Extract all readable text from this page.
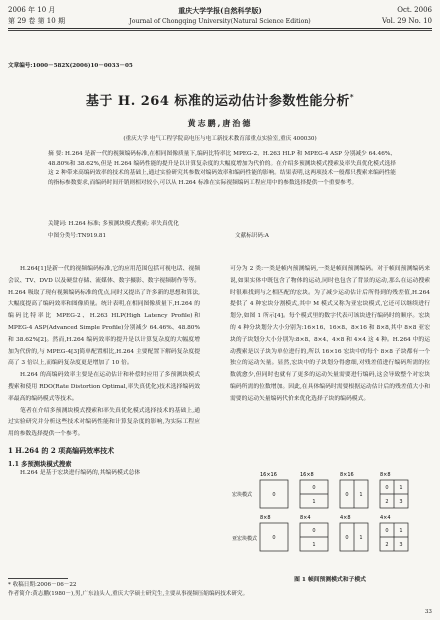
2006 年 10 月	重庆大学学报(自然科学版)	Oct. 2006
第 29 卷 第 10 期	Journal of Chongqing University(Natural Science Edition)	Vol. 29 No. 10
文章编号:1000－582X(2006)10－0033－05
基于 H. 264 标准的运动估计参数性能分析*
黄志鹏,唐治德
(重庆大学 电气工程学院高电压与电工新技术教育部重点实验室,重庆 400030)
摘 要: H.264 是新一代的视频编码标准,在相同图像质量下,编码比特率比 MPEG-2、H.263 HLP 和 MPEG-4 ASP 分别减少 64.46%、48.80%和 38.62%,但是 H.264 编码性能的提升是以计算复杂度的大幅度增加为代价的。在介绍多预测块模式搜索及率失真优化模式选择这 2 种带来高编码效率的技术的基础上,通过实验研究其参数对编码效率和编码性能的影响。结果表明,这两项技术一般都只搜索来编码性能的指标参数要求,而编码时间开销则相对较小,可以从 H.264 标准在实际视频编码工程应用中的参数选择提供一个重要参考。
关键词: H.264 标准; 多预测块模式搜索; 率失真优化
中图分类号:TN919.81	文献标识码:A
H.264[1]是新一代的视频编码标准,它的应用范围包括可视电话、视频会议、TV、DVD 以及硬盘存储、流媒体、数字摄影、数字视频制作等等。H.264 吸取了现有视频编码标准的优点,同时又提出了许多新的思想和算法,大幅度提高了编码效率和图像质量。统计表明,在相同图像质量下,H.264 的编码比特率比 MPEG-2、H.263 HLP(High Latency Profile)和 MPEG-4 ASP(Advanced Simple Profile)分别减少 64.46%、48.80%和 38.62%[2]。然而,H.264 编码效率的提升是以计算复杂度的大幅度增加为代价的,与 MPEG-4[3]简单配置相比,H.264 主要配置下解码复杂度提高了 3 倍以上,而编码复杂度更是增加了 10 倍。
H.264 的高编码效率主要是在运动估计和补偿时应用了多预测块模式搜索和使用 RDO(Rate Distortion Optimal,率失真优化)技术选择编码效率最高的编码模式等技术。
笔者在介绍多预测块模式搜索和率失真优化模式选择技术的基础上,通过实验研究并分析这些技术对编码性能和计算复杂度的影响,为实际工程应用的参数选择提供一个参考。
1 H.264 的 2 项高编码效率技术
1.1 多预测块模式搜索
H.264 是基于宏块进行编码的,其编码模式总体
* 收稿日期:2006－06－22
作者简介:黄志鹏(1980－),男,广东汕头人,重庆大学硕士研究生,主要从事视频压缩编码技术研究。
可分为 2 类:一类是帧内预测编码,一类是帧间预测编码。对于帧间预测编码来说,如果实体中既包含了物体的运动,同时也包含了背景的运动,那么在运动搜索时很难找到与之相匹配的宏块。为了减少运动估计后所得到的残差值,H.264 提供了 4 种宏块分割模式,其中 M 模式又称为亚宏块模式,它还可以继续进行划分,如图 1 所示[4]。每个模式里的数字代表可该块进行编码时的顺序。宏块的 4 种分块划分大小分别为:16×16、16×8、8×16 和 8×8,其中 8×8 亚宏块的子块划分大小分别为:8×8、8×4、4×8 和 4×4 这 4 种。H.264 中的运动搜索是以子块为单位进行的,所以 16×16 宏块中的每个 8×8 子块都有一个独立的运动矢量。显然,宏块中的子块划分得愈细,对残差值进行编码所需的位数就愈少,但同时也就有了更多的运动矢量需要进行编码,这会导致整个对宏块编码所需的位数增加。因此,在具体编码时需要根据运动估计后的残差值大小和需要的运动矢量编码代价来优化选择子块的编码模式。
16×16	16×8	8×16	8×8
宏块模式	0
0
1
0 1
0 1
2 3
8×8	8×4	4×8	4×4
亚宏块模式	0
0
1
0 1
0 1
2 3
图 1 帧间预测模式和子模式
33
